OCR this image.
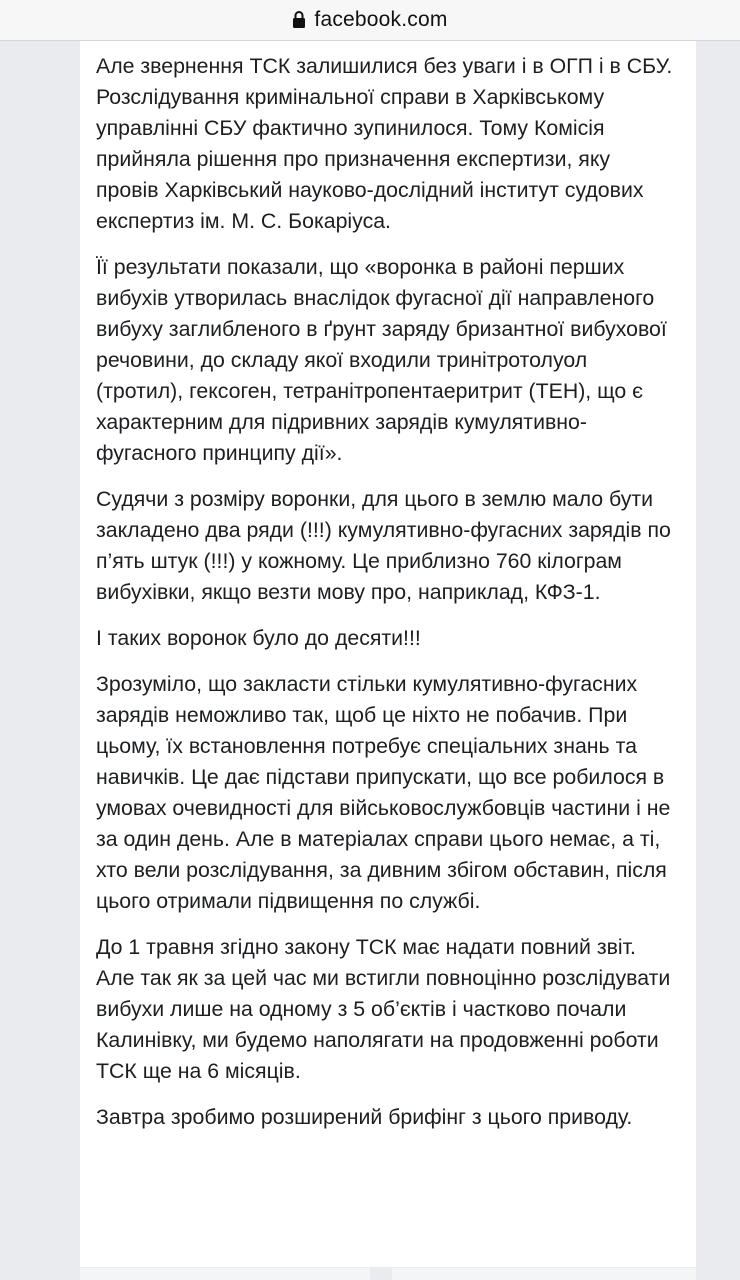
facebook.com

Але звернення ТСК залишилися без уваги і в ОГП і в СБУ. Розслідування кримінальної справи в Харківському управлінні СБУ фактично зупинилося. Тому Комісія прийняла рішення про призначення експертизи, яку провів Харківський науково-дослідний інститут судових експертиз ім. М. С. Бокаріуса.

Її результати показали, що «воронка в районі перших вибухів утворилась внаслідок фугасної дії направленого вибуху заглибленого в ґрунт заряду бризантної вибухової речовини, до складу якої входили тринітротолуол (тротил), гексоген, тетранітропентаеритрит (ТЕН), що є характерним для підривних зарядів кумулятивно-фугасного принципу дії».

Судячи з розміру воронки, для цього в землю мало бути закладено два ряди (!!!) кумулятивно-фугасних зарядів по п’ять штук (!!!) у кожному. Це приблизно 760 кілограм вибухівки, якщо везти мову про, наприклад, КФЗ-1.

І таких воронок було до десяти!!!

Зрозуміло, що закласти стільки кумулятивно-фугасних зарядів неможливо так, щоб це ніхто не побачив. При цьому, їх встановлення потребує спеціальних знань та навичків. Це дає підстави припускати, що все робилося в умовах очевидності для військовослужбовців частини і не за один день. Але в матеріалах справи цього немає, а ті, хто вели розслідування, за дивним збігом обставин, після цього отримали підвищення по службі.

До 1 травня згідно закону ТСК має надати повний звіт. Але так як за цей час ми встигли повноцінно розслідувати вибухи лише на одному з 5 об’єктів і частково почали Калинівку, ми будемо наполягати на продовженні роботи ТСК ще на 6 місяців.

Завтра зробимо розширений брифінг з цього приводу.
